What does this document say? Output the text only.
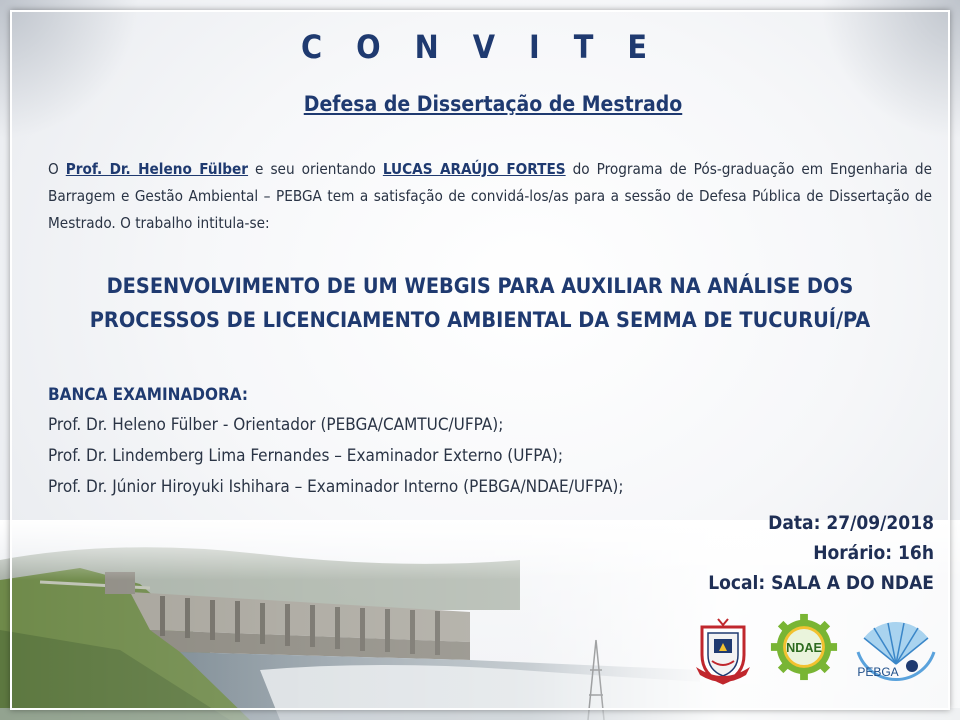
C O N V I T E
Defesa de Dissertação de Mestrado
O Prof. Dr. Heleno Fülber e seu orientando LUCAS ARAÚJO FORTES do Programa de Pós-graduação em Engenharia de Barragem e Gestão Ambiental – PEBGA tem a satisfação de convidá-los/as para a sessão de Defesa Pública de Dissertação de Mestrado. O trabalho intitula-se:
DESENVOLVIMENTO DE UM WEBGIS PARA AUXILIAR NA ANÁLISE DOS
PROCESSOS DE LICENCIAMENTO AMBIENTAL DA SEMMA DE TUCURUÍ/PA
BANCA EXAMINADORA:
Prof. Dr. Heleno Fülber - Orientador (PEBGA/CAMTUC/UFPA);
Prof. Dr. Lindemberg Lima Fernandes – Examinador Externo (UFPA);
Prof. Dr. Júnior Hiroyuki Ishihara – Examinador Interno (PEBGA/NDAE/UFPA);
Data: 27/09/2018
Horário: 16h
Local: SALA A DO NDAE
NDAE
PEBGA
